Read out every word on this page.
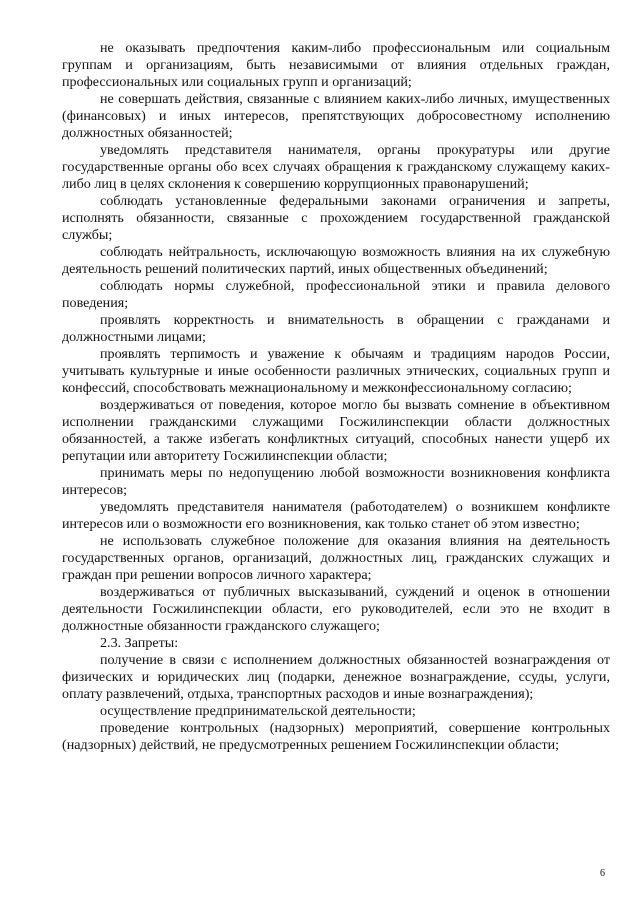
не оказывать предпочтения каким-либо профессиональным или социальным группам и организациям, быть независимыми от влияния отдельных граждан, профессиональных или социальных групп и организаций;

не совершать действия, связанные с влиянием каких-либо личных, имущественных (финансовых) и иных интересов, препятствующих добросовестному исполнению должностных обязанностей;

уведомлять представителя нанимателя, органы прокуратуры или другие государственные органы обо всех случаях обращения к гражданскому служащему каких-либо лиц в целях склонения к совершению коррупционных правонарушений;

соблюдать установленные федеральными законами ограничения и запреты, исполнять обязанности, связанные с прохождением государственной гражданской службы;

соблюдать нейтральность, исключающую возможность влияния на их служебную деятельность решений политических партий, иных общественных объединений;

соблюдать нормы служебной, профессиональной этики и правила делового поведения;

проявлять корректность и внимательность в обращении с гражданами и должностными лицами;

проявлять терпимость и уважение к обычаям и традициям народов России, учитывать культурные и иные особенности различных этнических, социальных групп и конфессий, способствовать межнациональному и межконфессиональному согласию;

воздерживаться от поведения, которое могло бы вызвать сомнение в объективном исполнении гражданскими служащими Госжилинспекции области должностных обязанностей, а также избегать конфликтных ситуаций, способных нанести ущерб их репутации или авторитету Госжилинспекции области;

принимать меры по недопущению любой возможности возникновения конфликта интересов;

уведомлять представителя нанимателя (работодателем) о возникшем конфликте интересов или о возможности его возникновения, как только станет об этом известно;

не использовать служебное положение для оказания влияния на деятельность государственных органов, организаций, должностных лиц, гражданских служащих и граждан при решении вопросов личного характера;

воздерживаться от публичных высказываний, суждений и оценок в отношении деятельности Госжилинспекции области, его руководителей, если это не входит в должностные обязанности гражданского служащего;

2.3. Запреты:

получение в связи с исполнением должностных обязанностей вознаграждения от физических и юридических лиц (подарки, денежное вознаграждение, ссуды, услуги, оплату развлечений, отдыха, транспортных расходов и иные вознаграждения);

осуществление предпринимательской деятельности;

проведение контрольных (надзорных) мероприятий, совершение контрольных (надзорных) действий, не предусмотренных решением Госжилинспекции области;

6
